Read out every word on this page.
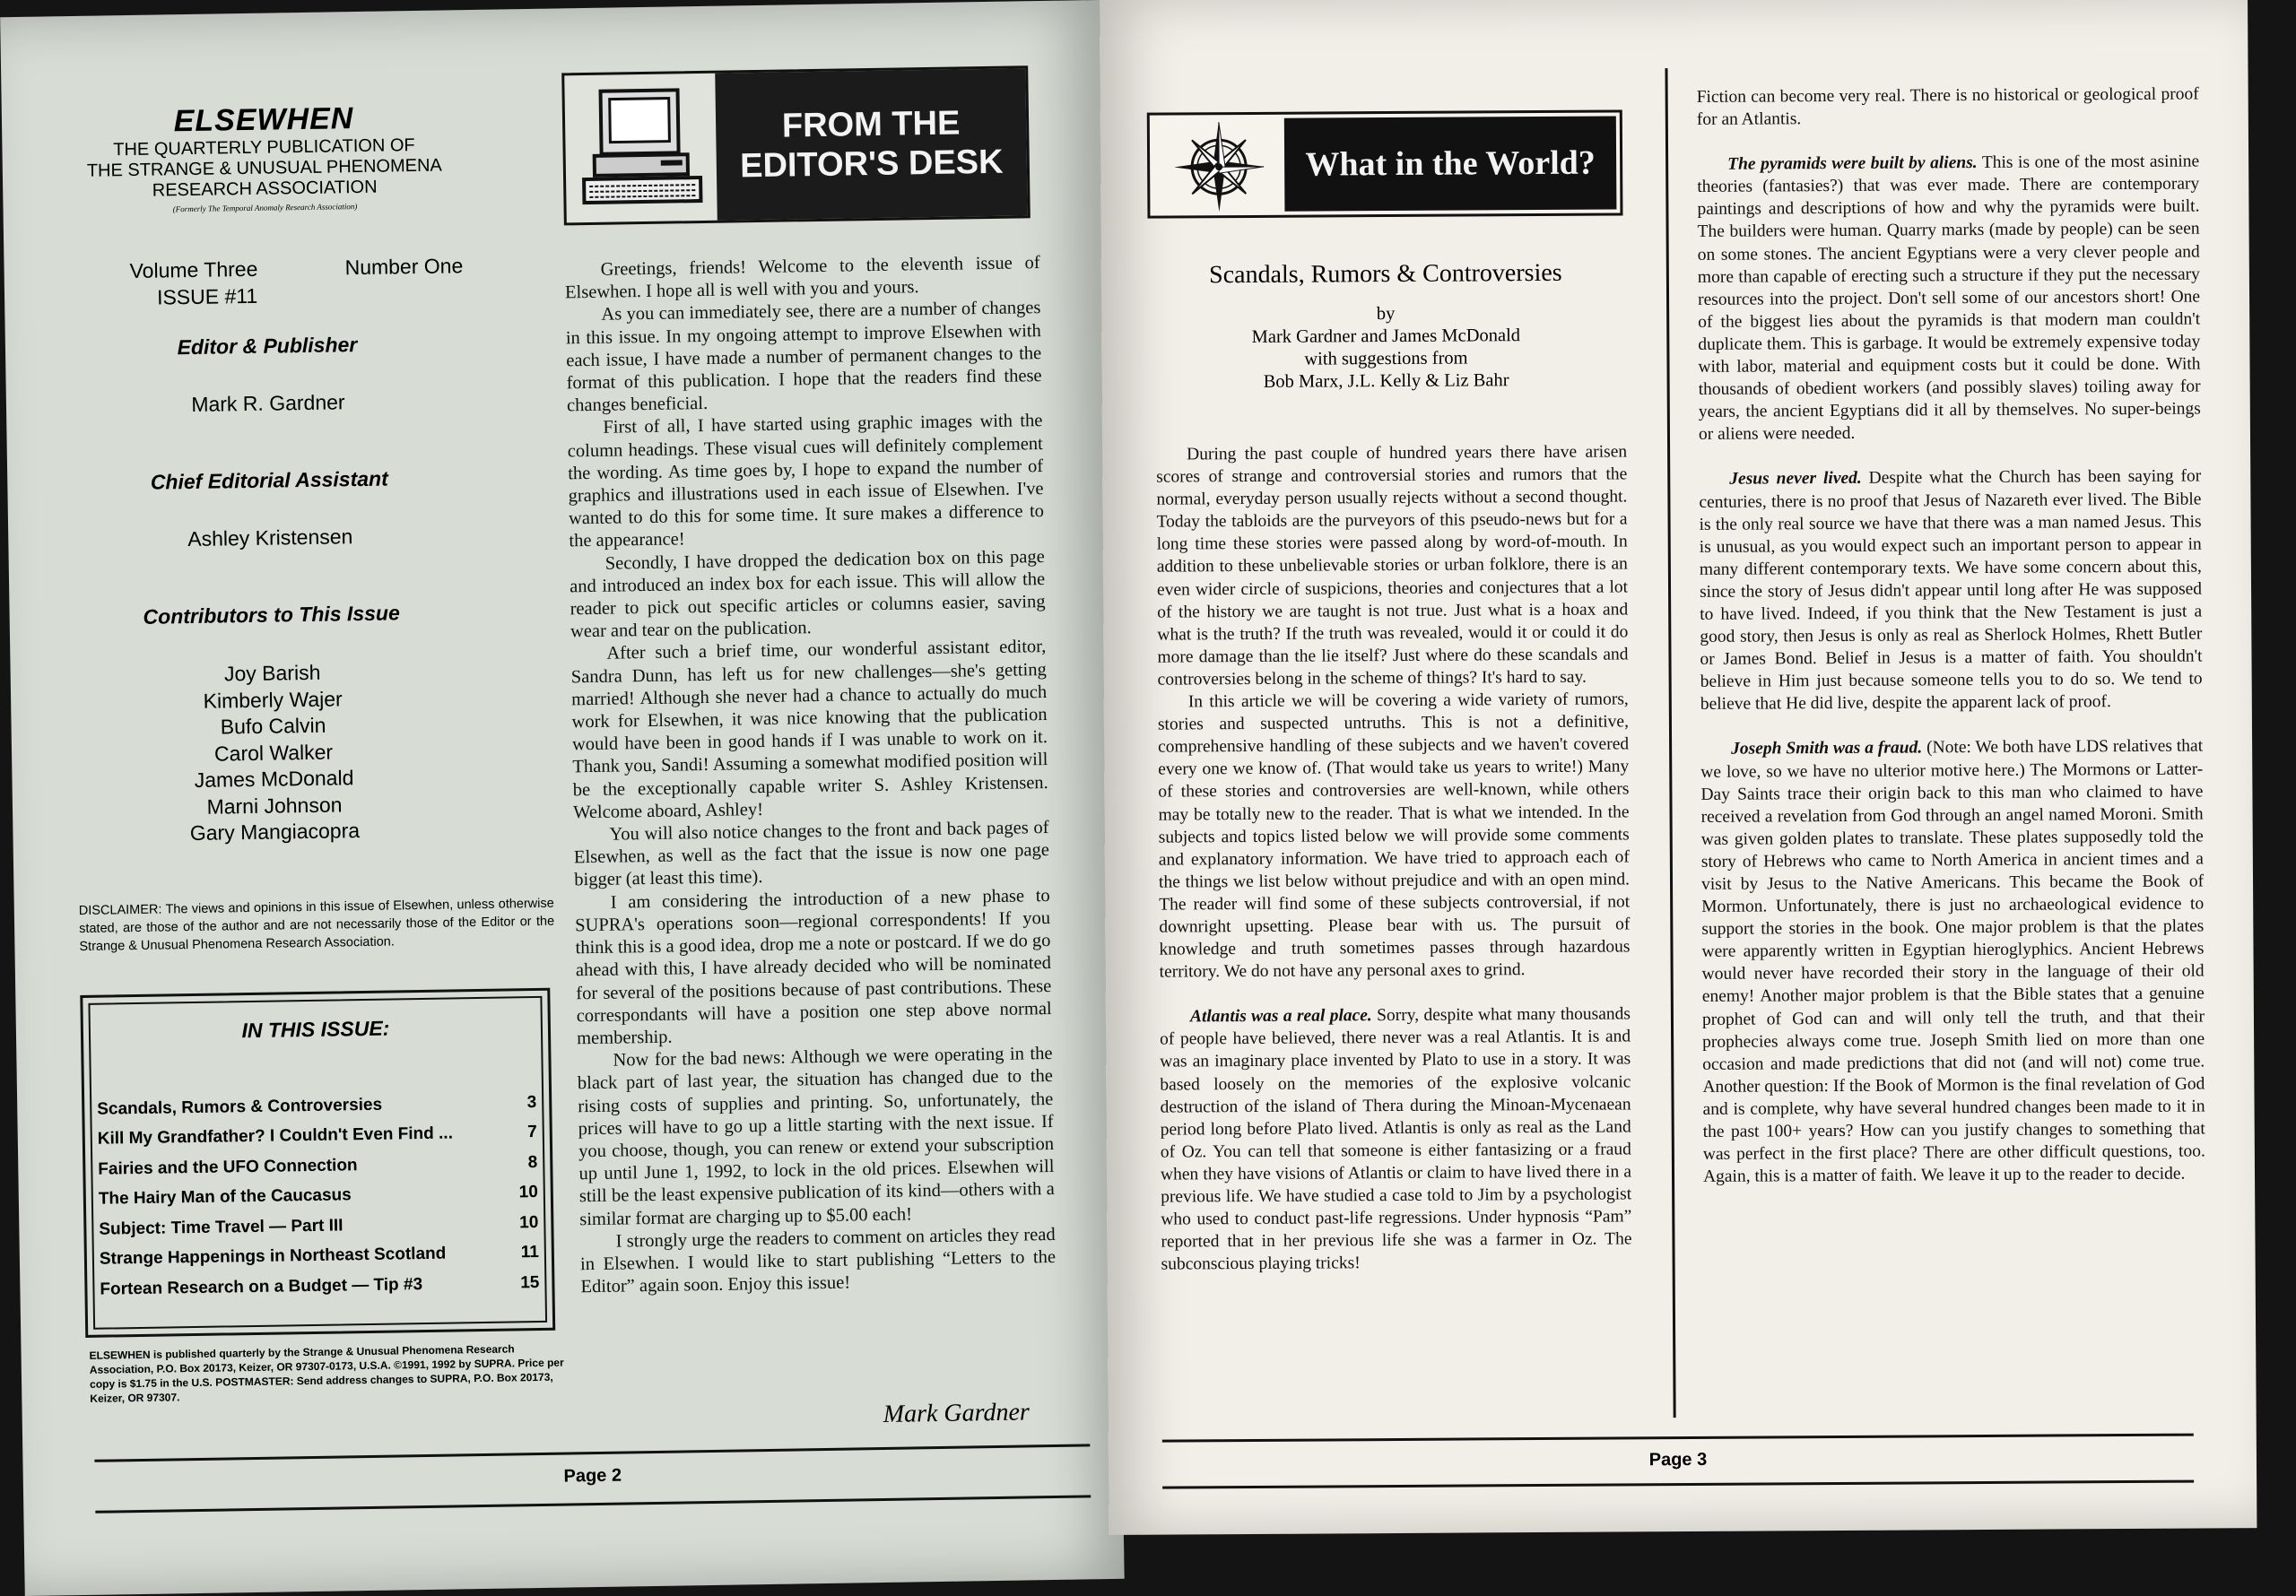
ELSEWHEN
THE QUARTERLY PUBLICATION OF
THE STRANGE & UNUSUAL PHENOMENA
RESEARCH ASSOCIATION
(Formerly The Temporal Anomaly Research Association)
Volume Three	Number One
ISSUE #11
Editor & Publisher
Mark R. Gardner
Chief Editorial Assistant
Ashley Kristensen
Contributors to This Issue
Joy Barish
Kimberly Wajer
Bufo Calvin
Carol Walker
James McDonald
Marni Johnson
Gary Mangiacopra
DISCLAIMER: The views and opinions in this issue of Elsewhen, unless otherwise stated, are those of the author and are not necessarily those of the Editor or the Strange & Unusual Phenomena Research Association.
IN THIS ISSUE:
Scandals, Rumors & Controversies	3
Kill My Grandfather? I Couldn't Even Find ...	7
Fairies and the UFO Connection	8
The Hairy Man of the Caucasus	10
Subject: Time Travel — Part III	10
Strange Happenings in Northeast Scotland	11
Fortean Research on a Budget — Tip #3	15
ELSEWHEN is published quarterly by the Strange & Unusual Phenomena Research Association, P.O. Box 20173, Keizer, OR 97307-0173, U.S.A. ©1991, 1992 by SUPRA. Price per copy is $1.75 in the U.S. POSTMASTER: Send address changes to SUPRA, P.O. Box 20173, Keizer, OR 97307.
FROM THE
EDITOR'S DESK

Greetings, friends! Welcome to the eleventh issue of Elsewhen. I hope all is well with you and yours.

As you can immediately see, there are a number of changes in this issue. In my ongoing attempt to improve Elsewhen with each issue, I have made a number of permanent changes to the format of this publication. I hope that the readers find these changes beneficial.

First of all, I have started using graphic images with the column headings. These visual cues will definitely complement the wording. As time goes by, I hope to expand the number of graphics and illustrations used in each issue of Elsewhen. I've wanted to do this for some time. It sure makes a difference to the appearance!

Secondly, I have dropped the dedication box on this page and introduced an index box for each issue. This will allow the reader to pick out specific articles or columns easier, saving wear and tear on the publication.

After such a brief time, our wonderful assistant editor, Sandra Dunn, has left us for new challenges—she's getting married! Although she never had a chance to actually do much work for Elsewhen, it was nice knowing that the publication would have been in good hands if I was unable to work on it. Thank you, Sandi! Assuming a somewhat modified position will be the exceptionally capable writer S. Ashley Kristensen. Welcome aboard, Ashley!

You will also notice changes to the front and back pages of Elsewhen, as well as the fact that the issue is now one page bigger (at least this time).

I am considering the introduction of a new phase to SUPRA's operations soon—regional correspondents! If you think this is a good idea, drop me a note or postcard. If we do go ahead with this, I have already decided who will be nominated for several of the positions because of past contributions. These correspondants will have a position one step above normal membership.

Now for the bad news: Although we were operating in the black part of last year, the situation has changed due to the rising costs of supplies and printing. So, unfortunately, the prices will have to go up a little starting with the next issue. If you choose, though, you can renew or extend your subscription up until June 1, 1992, to lock in the old prices. Elsewhen will still be the least expensive publication of its kind—others with a similar format are charging up to $5.00 each!

I strongly urge the readers to comment on articles they read in Elsewhen. I would like to start publishing “Letters to the Editor” again soon. Enjoy this issue!

Mark Gardner
Page 2
What in the World?
Scandals, Rumors & Controversies
by
Mark Gardner and James McDonald
with suggestions from
Bob Marx, J.L. Kelly & Liz Bahr

During the past couple of hundred years there have arisen scores of strange and controversial stories and rumors that the normal, everyday person usually rejects without a second thought. Today the tabloids are the purveyors of this pseudo-news but for a long time these stories were passed along by word-of-mouth. In addition to these unbelievable stories or urban folklore, there is an even wider circle of suspicions, theories and conjectures that a lot of the history we are taught is not true. Just what is a hoax and what is the truth? If the truth was revealed, would it or could it do more damage than the lie itself? Just where do these scandals and controversies belong in the scheme of things? It's hard to say.

In this article we will be covering a wide variety of rumors, stories and suspected untruths. This is not a definitive, comprehensive handling of these subjects and we haven't covered every one we know of. (That would take us years to write!) Many of these stories and controversies are well-known, while others may be totally new to the reader. That is what we intended. In the subjects and topics listed below we will provide some comments and explanatory information. We have tried to approach each of the things we list below without prejudice and with an open mind. The reader will find some of these subjects controversial, if not downright upsetting. Please bear with us. The pursuit of knowledge and truth sometimes passes through hazardous territory. We do not have any personal axes to grind.

Atlantis was a real place. Sorry, despite what many thousands of people have believed, there never was a real Atlantis. It is and was an imaginary place invented by Plato to use in a story. It was based loosely on the memories of the explosive volcanic destruction of the island of Thera during the Minoan-Mycenaean period long before Plato lived. Atlantis is only as real as the Land of Oz. You can tell that someone is either fantasizing or a fraud when they have visions of Atlantis or claim to have lived there in a previous life. We have studied a case told to Jim by a psychologist who used to conduct past-life regressions. Under hypnosis “Pam” reported that in her previous life she was a farmer in Oz. The subconscious playing tricks!

Fiction can become very real. There is no historical or geological proof for an Atlantis.

The pyramids were built by aliens. This is one of the most asinine theories (fantasies?) that was ever made. There are contemporary paintings and descriptions of how and why the pyramids were built. The builders were human. Quarry marks (made by people) can be seen on some stones. The ancient Egyptians were a very clever people and more than capable of erecting such a structure if they put the necessary resources into the project. Don't sell some of our ancestors short! One of the biggest lies about the pyramids is that modern man couldn't duplicate them. This is garbage. It would be extremely expensive today with labor, material and equipment costs but it could be done. With thousands of obedient workers (and possibly slaves) toiling away for years, the ancient Egyptians did it all by themselves. No super-beings or aliens were needed.

Jesus never lived. Despite what the Church has been saying for centuries, there is no proof that Jesus of Nazareth ever lived. The Bible is the only real source we have that there was a man named Jesus. This is unusual, as you would expect such an important person to appear in many different contemporary texts. We have some concern about this, since the story of Jesus didn't appear until long after He was supposed to have lived. Indeed, if you think that the New Testament is just a good story, then Jesus is only as real as Sherlock Holmes, Rhett Butler or James Bond. Belief in Jesus is a matter of faith. You shouldn't believe in Him just because someone tells you to do so. We tend to believe that He did live, despite the apparent lack of proof.

Joseph Smith was a fraud. (Note: We both have LDS relatives that we love, so we have no ulterior motive here.) The Mormons or Latter-Day Saints trace their origin back to this man who claimed to have received a revelation from God through an angel named Moroni. Smith was given golden plates to translate. These plates supposedly told the story of Hebrews who came to North America in ancient times and a visit by Jesus to the Native Americans. This became the Book of Mormon. Unfortunately, there is just no archaeological evidence to support the stories in the book. One major problem is that the plates were apparently written in Egyptian hieroglyphics. Ancient Hebrews would never have recorded their story in the language of their old enemy! Another major problem is that the Bible states that a genuine prophet of God can and will only tell the truth, and that their prophecies always come true. Joseph Smith lied on more than one occasion and made predictions that did not (and will not) come true. Another question: If the Book of Mormon is the final revelation of God and is complete, why have several hundred changes been made to it in the past 100+ years? How can you justify changes to something that was perfect in the first place? There are other difficult questions, too. Again, this is a matter of faith. We leave it up to the reader to decide.

Page 3
